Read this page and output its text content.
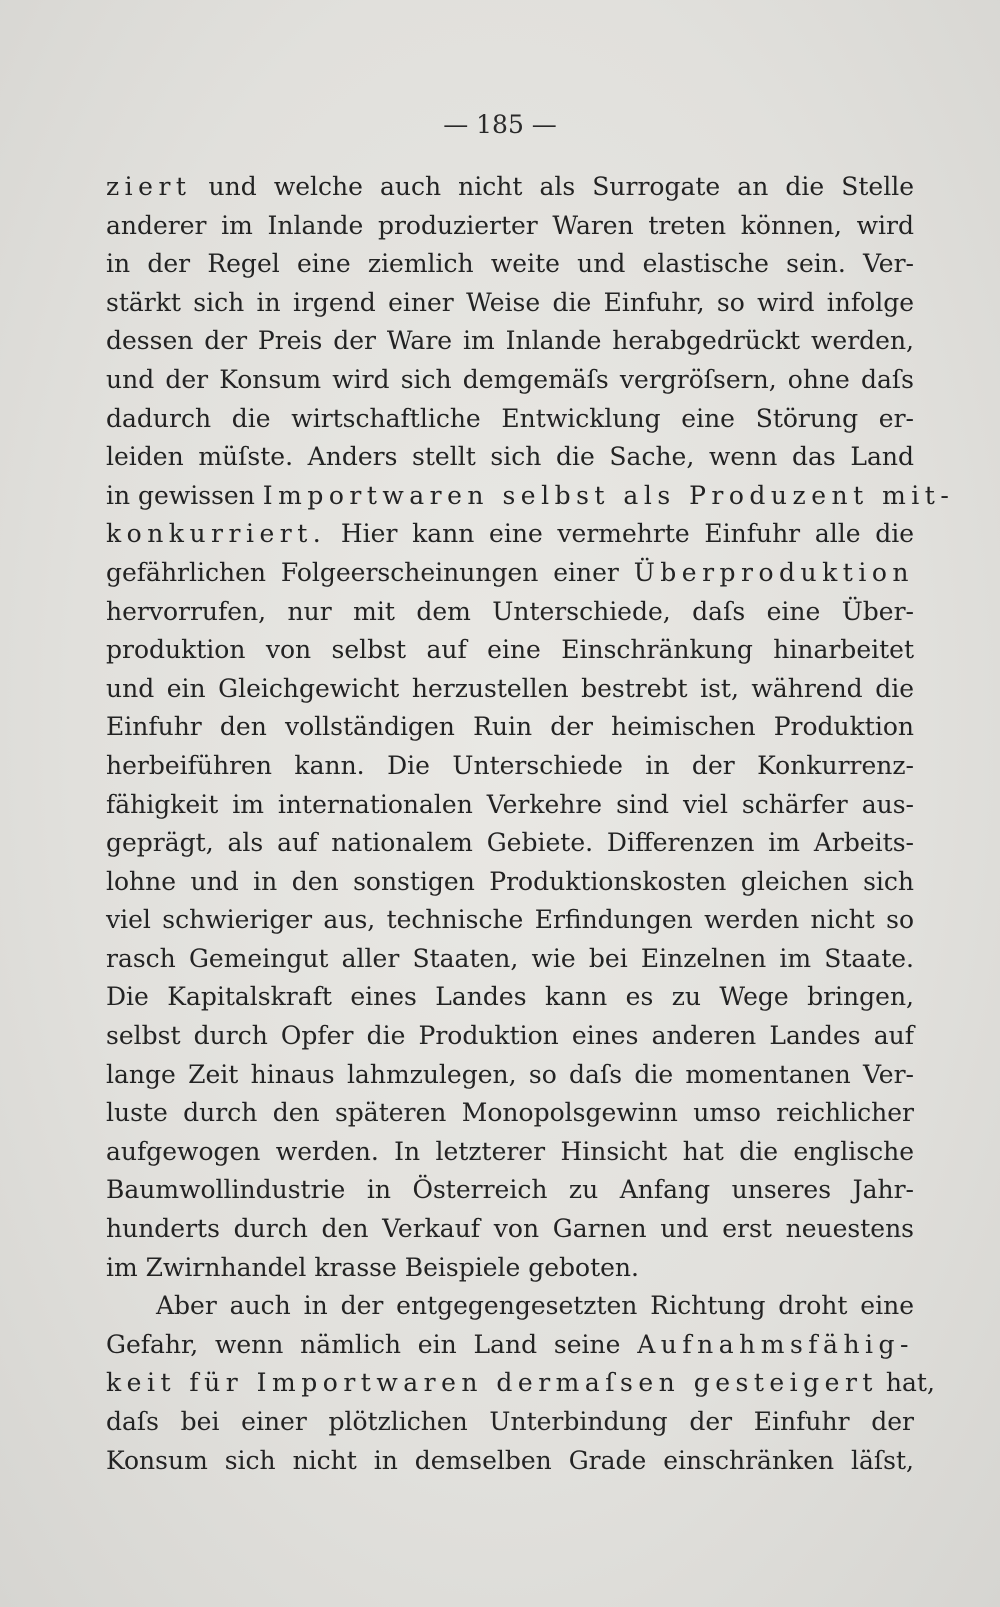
— 185 —
ziert und welche auch nicht als Surrogate an die Stelle
anderer im Inlande produzierter Waren treten können, wird
in der Regel eine ziemlich weite und elastische sein. Ver-
stärkt sich in irgend einer Weise die Einfuhr, so wird infolge
dessen der Preis der Ware im Inlande herabgedrückt werden,
und der Konsum wird sich demgemäſs vergröſsern, ohne daſs
dadurch die wirtschaftliche Entwicklung eine Störung er-
leiden müſste. Anders stellt sich die Sache, wenn das Land
in gewissen Importwaren selbst als Produzent mit-
konkurriert. Hier kann eine vermehrte Einfuhr alle die
gefährlichen Folgeerscheinungen einer Überproduktion
hervorrufen, nur mit dem Unterschiede, daſs eine Über-
produktion von selbst auf eine Einschränkung hinarbeitet
und ein Gleichgewicht herzustellen bestrebt ist, während die
Einfuhr den vollständigen Ruin der heimischen Produktion
herbeiführen kann. Die Unterschiede in der Konkurrenz-
fähigkeit im internationalen Verkehre sind viel schärfer aus-
geprägt, als auf nationalem Gebiete. Differenzen im Arbeits-
lohne und in den sonstigen Produktionskosten gleichen sich
viel schwieriger aus, technische Erfindungen werden nicht so
rasch Gemeingut aller Staaten, wie bei Einzelnen im Staate.
Die Kapitalskraft eines Landes kann es zu Wege bringen,
selbst durch Opfer die Produktion eines anderen Landes auf
lange Zeit hinaus lahmzulegen, so daſs die momentanen Ver-
luste durch den späteren Monopolsgewinn umso reichlicher
aufgewogen werden. In letzterer Hinsicht hat die englische
Baumwollindustrie in Österreich zu Anfang unseres Jahr-
hunderts durch den Verkauf von Garnen und erst neuestens
im Zwirnhandel krasse Beispiele geboten.
Aber auch in der entgegengesetzten Richtung droht eine
Gefahr, wenn nämlich ein Land seine Aufnahmsfähig-
keit für Importwaren dermaſsen gesteigert hat,
daſs bei einer plötzlichen Unterbindung der Einfuhr der
Konsum sich nicht in demselben Grade einschränken läſst,
